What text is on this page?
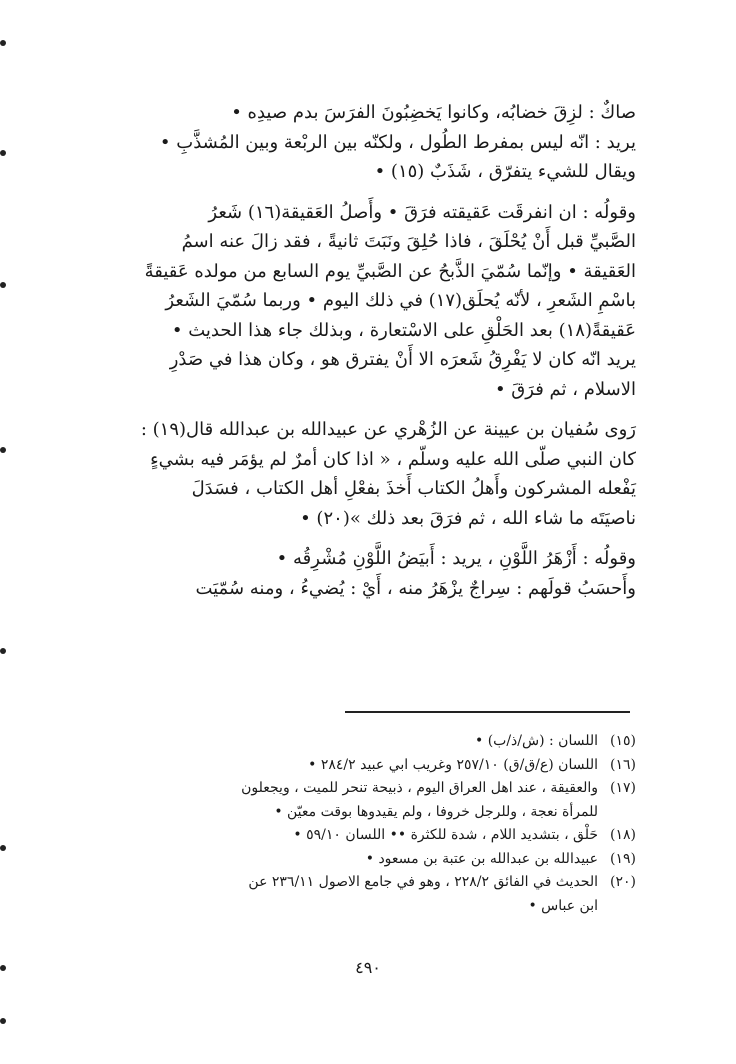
صاكٌ : لزِقَ خضابُه، وكانوا يَخضِبُونَ الفرَسَ بدم صيدِه •

يريد : انّه ليس بمفرط الطُول ، ولكنّه بين الربْعة وبين المُشذَّبِ •

ويقال للشيء يتفرّق ، شَذَبٌ (١٥) •

وقولُه : ان انفرقَت عَقيقته فرَقَ • وأَصلُ العَقيقة(١٦) شَعرُ

الصَّبيِّ قبل أَنْ يُحْلَقَ ، فاذا حُلِقَ ونَبَتَ ثانيةً ، فقد زالَ عنه اسمُ

العَقيقة • وإنّما سُمّيَ الذَّبحُ عن الصَّبيِّ يوم السابع من مولده عَقيقةً

باسْمِ الشَعرِ ، لأنّه يُحلَق(١٧) في ذلك اليوم • وربما سُمّيَ الشَعرُ

عَقيقةً(١٨) بعد الحَلْقِ على الاسْتعارة ، وبذلك جاء هذا الحديث •

يريد انّه كان لا يَفْرِقُ شَعرَه الا أَنْ يفترق هو ، وكان هذا في صَدْرِ

الاسلام ، ثم فرَقَ •

رَوى سُفيان بن عيينة عن الزُهْري عن عبيدالله بن عبدالله قال(١٩) :

كان النبي صلّى الله عليه وسلّم ، « اذا كان أمرٌ لم يؤمَر فيه بشيءٍ

يَفْعله المشركون وأَهلُ الكتاب أَخذَ بفعْلِ أهل الكتاب ، فسَدَلَ

ناصيَتَه ما شاء الله ، ثم فرَقَ بعد ذلك »(٢٠) •

وقولُه : أَزْهَرُ اللَّوْنِ ، يريد : أَبيَضُ اللَّوْنِ مُشْرِقُه •

وأَحسَبُ قولَهم : سِراجٌ يزْهَرُ منه ، أَيْ : يُضيءُ ، ومنه سُمّيَت

(١٥)
اللسان : (ش/ذ/ب) •
(١٦)
اللسان (ع/ق/ق) ٢٥٧/١٠ وغريب ابي عبيد ٢٨٤/٢ •
(١٧)
والعقيقة ، عند اهل العراق اليوم ، ذبيحة تنحر للميت ، ويجعلون
للمرأة نعجة ، وللرجل خروفا ، ولم يقيدوها بوقت معيّن •
(١٨)
حَلْق ، بتشديد اللام ، شدة للكثرة •• اللسان ٥٩/١٠ •
(١٩)
عبيدالله بن عبدالله بن عتبة بن مسعود •
(٢٠)
الحديث في الفائق ٢٢٨/٢ ، وهو في جامع الاصول ٢٣٦/١١ عن
ابن عباس •
٤٩٠
